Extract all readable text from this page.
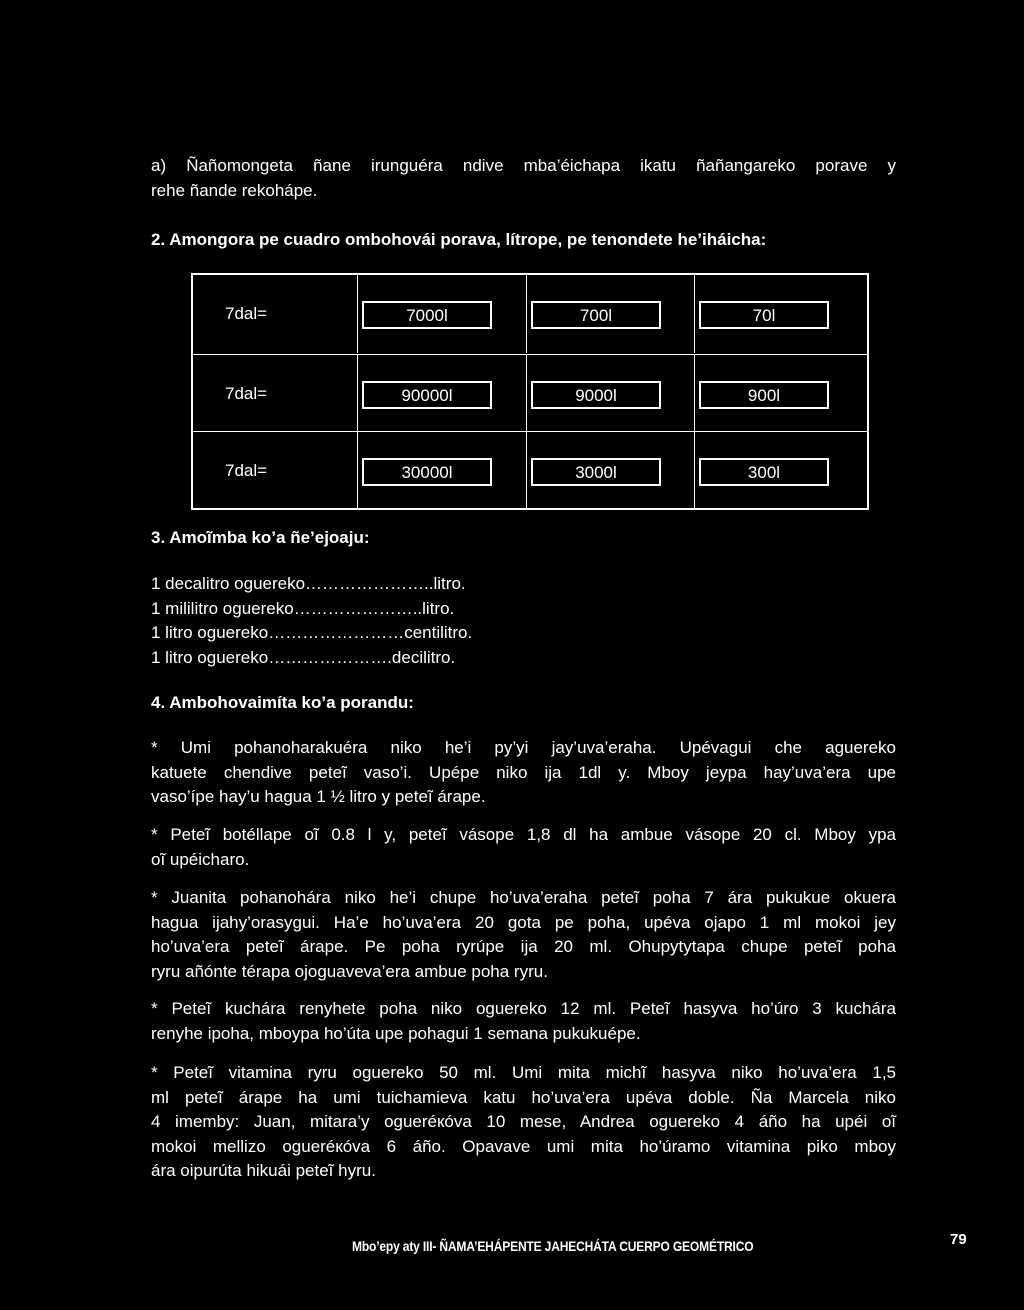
a) Ñañomongeta ñane irunguéra ndive mba’éichapa ikatu ñañangareko porave y
rehe ñande rekohápe.

2. Amongora pe cuadro ombohovái porava, lítrope, pe tenondete he’iháicha:

7dal=	7000l	700l	70l
7dal=	90000l	9000l	900l
7dal=	30000l	3000l	300l

3. Amoĩmba ko’a ñe’ejoaju:

1 decalitro oguereko…………………..litro.
1 mililitro oguereko…………………..litro.
1 litro oguereko……………………centilitro.
1 litro oguereko………………….decilitro.

4. Ambohovaimíta ko’a porandu:

* Umi pohanoharakuéra niko he’i py’yi jay’uva’eraha. Upévagui che aguereko
katuete chendive peteĩ vaso’i. Upépe niko ija 1dl y. Mboy jeypa hay’uva’era upe
vaso’ípe hay’u hagua 1 ½ litro y peteĩ árape.

* Peteĩ botéllape oĩ 0.8 l y, peteĩ vásope 1,8 dl ha ambue vásope 20 cl. Mboy ypa
oĩ upéicharo.

* Juanita pohanohára niko he’i chupe ho’uva’eraha peteĩ poha 7 ára pukukue okuera
hagua ijahy’orasygui. Ha’e ho’uva’era 20 gota pe poha, upéva ojapo 1 ml mokoi jey
ho’uva’era peteĩ árape. Pe poha ryrúpe ija 20 ml. Ohupytytapa chupe peteĩ poha
ryru añónte térapa ojoguaveva’era ambue poha ryru.

* Peteĩ kuchára renyhete poha niko oguereko 12 ml. Peteĩ hasyva ho’úro 3 kuchára
renyhe ipoha, mboypa ho’úta upe pohagui 1 semana pukukuépe.

* Peteĩ vitamina ryru oguereko 50 ml. Umi mita michĩ hasyva niko ho’uva’era 1,5
ml peteĩ árape ha umi tuichamieva katu ho’uva’era upéva doble. Ña Marcela niko
4 imemby: Juan, mitara’y ogueréкóva 10 mese, Andrea oguereko 4 áño ha upéi oĩ
mokoi mellizo ogueréкóva 6 áño. Opavave umi mita ho’úramo vitamina piko mboy
ára oipurúta hikuái peteĩ hyru.

Mbo’epy aty III- ÑAMA’EHÁPENTE JAHECHÁTA CUERPO GEOMÉTRICO	79
